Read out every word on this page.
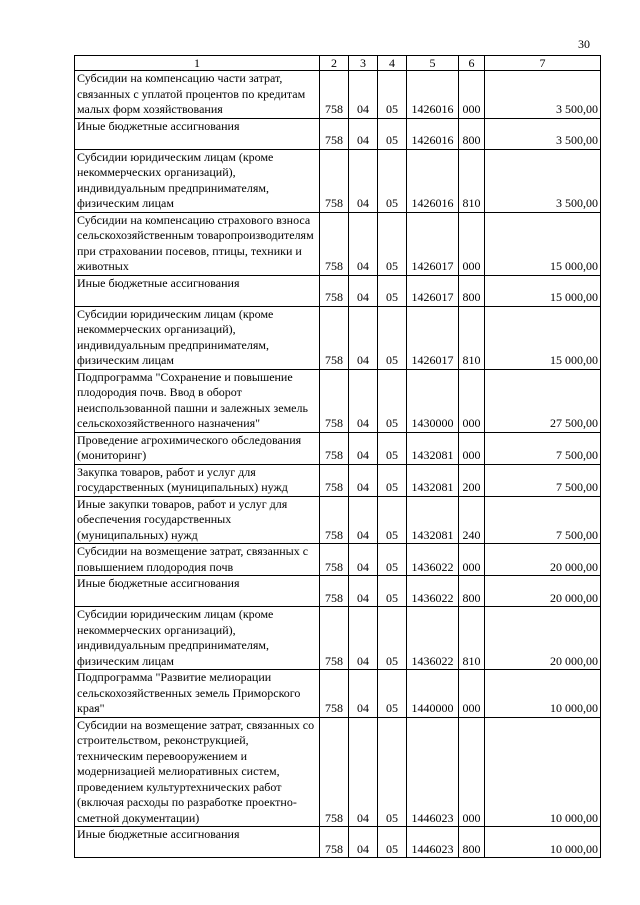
30
1	2	3	4	5	6	7
Субсидии на компенсацию части затрат, связанных с уплатой процентов по кредитам малых форм хозяйствования	758	04	05	1426016	000	3 500,00
Иные бюджетные ассигнования	758	04	05	1426016	800	3 500,00
Субсидии юридическим лицам (кроме некоммерческих организаций), индивидуальным предпринимателям, физическим лицам	758	04	05	1426016	810	3 500,00
Субсидии на компенсацию страхового взноса сельскохозяйственным товаропроизводителям при страховании посевов, птицы, техники и животных	758	04	05	1426017	000	15 000,00
Иные бюджетные ассигнования	758	04	05	1426017	800	15 000,00
Субсидии юридическим лицам (кроме некоммерческих организаций), индивидуальным предпринимателям, физическим лицам	758	04	05	1426017	810	15 000,00
Подпрограмма "Сохранение и повышение плодородия почв. Ввод в оборот неиспользованной пашни и залежных земель сельскохозяйственного назначения"	758	04	05	1430000	000	27 500,00
Проведение агрохимического обследования (мониторинг)	758	04	05	1432081	000	7 500,00
Закупка товаров, работ и услуг для государственных (муниципальных) нужд	758	04	05	1432081	200	7 500,00
Иные закупки товаров, работ и услуг для обеспечения государственных (муниципальных) нужд	758	04	05	1432081	240	7 500,00
Субсидии на возмещение затрат, связанных с повышением плодородия почв	758	04	05	1436022	000	20 000,00
Иные бюджетные ассигнования	758	04	05	1436022	800	20 000,00
Субсидии юридическим лицам (кроме некоммерческих организаций), индивидуальным предпринимателям, физическим лицам	758	04	05	1436022	810	20 000,00
Подпрограмма "Развитие мелиорации сельскохозяйственных земель Приморского края"	758	04	05	1440000	000	10 000,00
Субсидии на возмещение затрат, связанных со строительством, реконструкцией, техническим перевооружением и модернизацией мелиоративных систем, проведением культуртехнических работ (включая расходы по разработке проектно-сметной документации)	758	04	05	1446023	000	10 000,00
Иные бюджетные ассигнования	758	04	05	1446023	800	10 000,00
